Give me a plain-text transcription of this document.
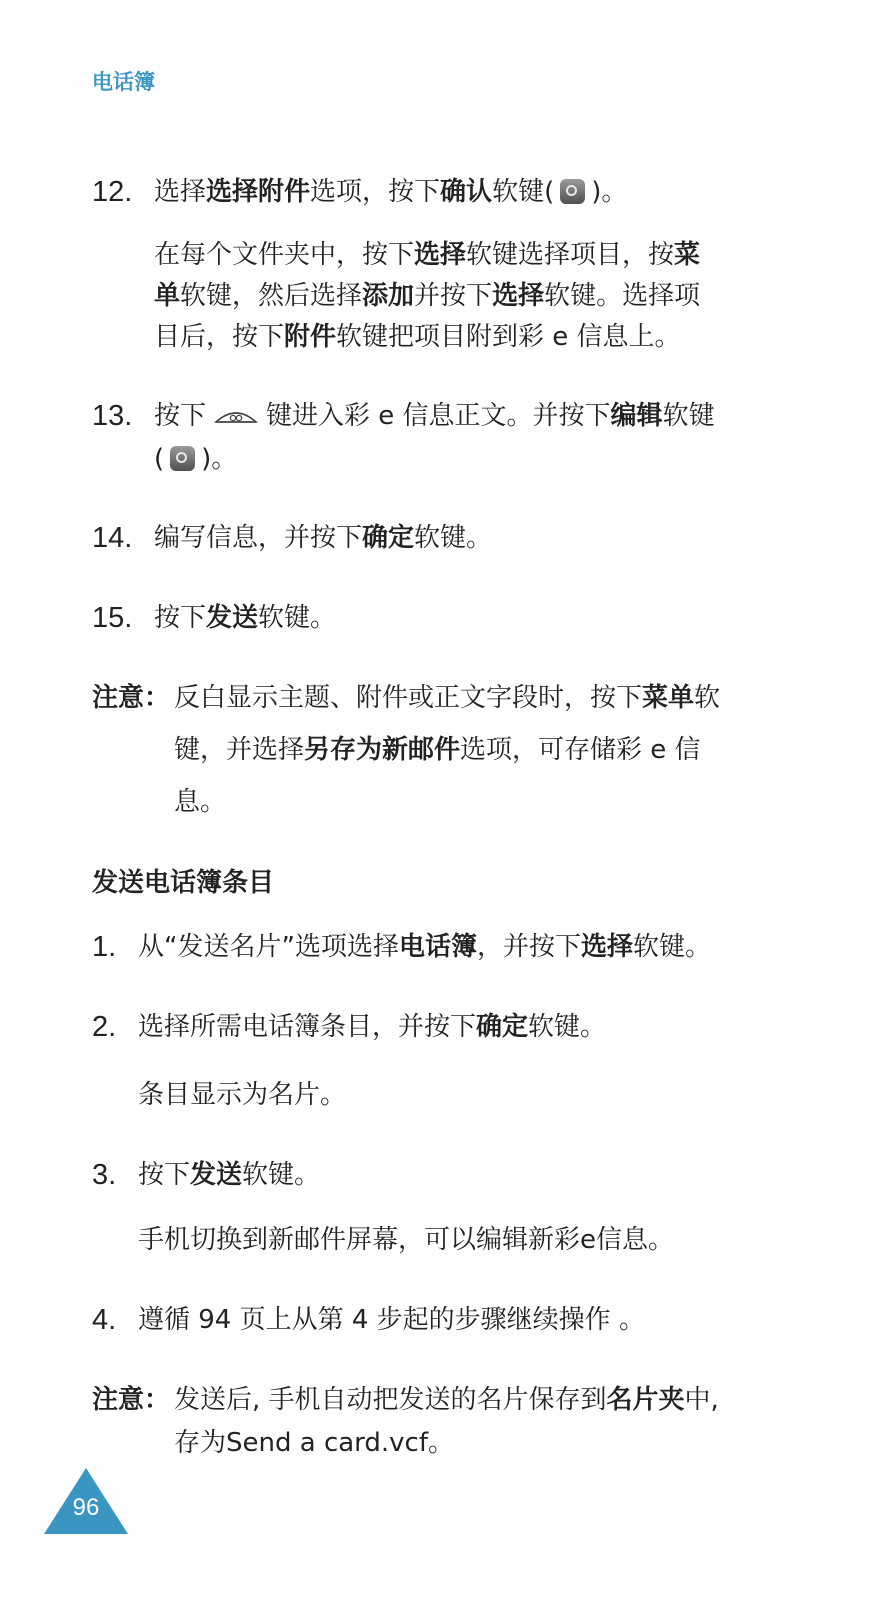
电话簿
12. 选择选择附件选项，按下确认软键( )。
在每个文件夹中，按下选择软键选择项目，按菜
单软键，然后选择添加并按下选择软键。选择项
目后，按下附件软键把项目附到彩 e 信息上。
13. 按下 键进入彩 e 信息正文。并按下编辑软键
( )。
14. 编写信息，并按下确定软键。
15. 按下发送软键。
注意： 反白显示主题、附件或正文字段时，按下菜单软
键，并选择另存为新邮件选项，可存储彩 e 信
息。
发送电话簿条目
1. 从“发送名片”选项选择电话簿，并按下选择软键。
2. 选择所需电话簿条目，并按下确定软键。
条目显示为名片。
3. 按下发送软键。
手机切换到新邮件屏幕，可以编辑新彩e信息。
4. 遵循 94 页上从第 4 步起的步骤继续操作 。
注意： 发送后, 手机自动把发送的名片保存到名片夹中,
存为Send a card.vcf。
96
